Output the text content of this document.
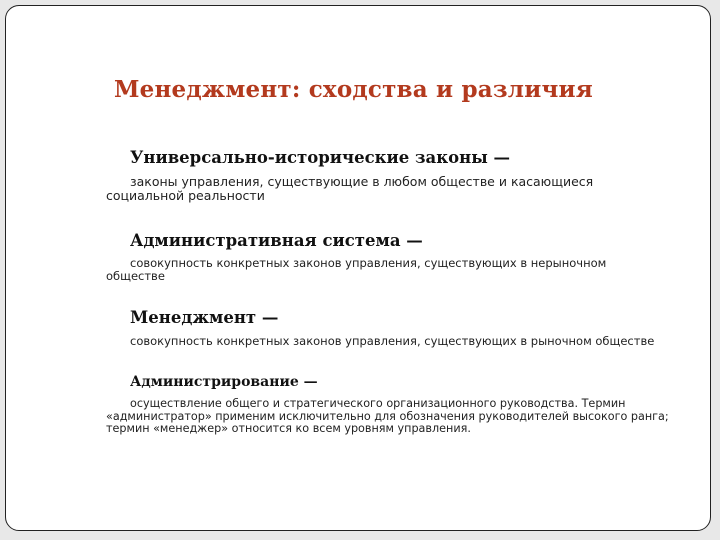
Менеджмент: сходства и различия
Универсально-исторические законы —
законы управления, существующие в любом обществе и касающиеся социальной реальности
Административная система —
совокупность конкретных законов управления, существующих в нерыночном обществе
Менеджмент —
совокупность конкретных законов управления, существующих в рыночном обществе
Администрирование —
осуществление общего и стратегического организационного руководства. Термин «администратор» применим исключительно для обозначения руководителей высокого ранга; термин «менеджер» относится ко всем уровням управления.
